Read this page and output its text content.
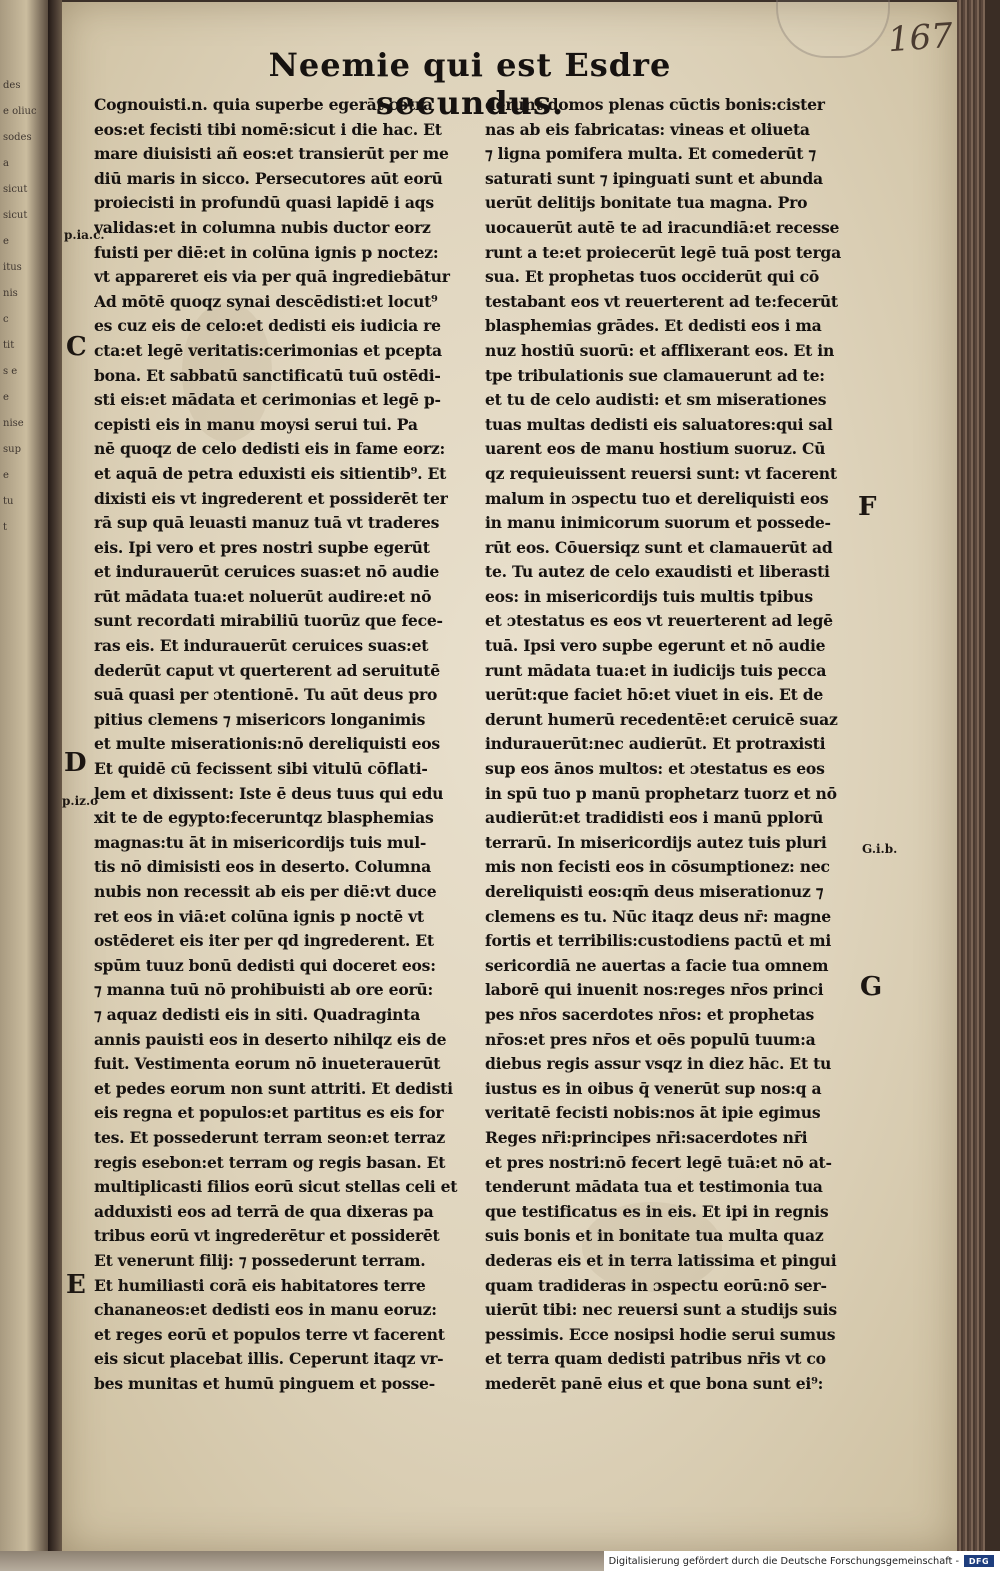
des
e oliuc
sodes
a
sicut
sicut
e
itus
nis
c
tit
s e
e
nise
sup
e
tu
t
167
Neemie qui est Esdre secundus.
Cognouisti.n. quia superbe egerāt cōtra
eos:et fecisti tibi nomē:sicut i die hac. Et
mare diuisisti añ eos:et transierūt per me
diū maris in sicco. Persecutores aūt eorū
proiecisti in profundū quasi lapidē i aqs
validas:et in columna nubis ductor eorz
fuisti per diē:et in colūna ignis p noctez:
vt appareret eis via per quā ingrediebātur
Ad mōtē quoqz synai descēdisti:et locut⁹
es cuz eis de celo:et dedisti eis iudicia re
cta:et legē veritatis:cerimonias et pcepta
bona. Et sabbatū sanctificatū tuū ostēdi-
sti eis:et mādata et cerimonias et legē p-
cepisti eis in manu moysi serui tui. Pa
nē quoqz de celo dedisti eis in fame eorz:
et aquā de petra eduxisti eis sitientib⁹. Et
dixisti eis vt ingrederent et possiderēt ter
rā sup quā leuasti manuz tuā vt traderes
eis. Ipi vero et pres nostri supbe egerūt
et indurauerūt ceruices suas:et nō audie
rūt mādata tua:et noluerūt audire:et nō
sunt recordati mirabiliū tuorūz que fece-
ras eis. Et indurauerūt ceruices suas:et
dederūt caput vt querterent ad seruitutē
suā quasi per ɔtentionē. Tu aūt deus pro
pitius clemens ⁊ misericors longanimis
et multe miserationis:nō dereliquisti eos
Et quidē cū fecissent sibi vitulū cōflati-
lem et dixissent: Iste ē deus tuus qui edu
xit te de egypto:feceruntqz blasphemias
magnas:tu āt in misericordijs tuis mul-
tis nō dimisisti eos in deserto. Columna
nubis non recessit ab eis per diē:vt duce
ret eos in viā:et colūna ignis p noctē vt
ostēderet eis iter per qd ingrederent. Et
spūm tuuz bonū dedisti qui doceret eos:
⁊ manna tuū nō prohibuisti ab ore eorū:
⁊ aquaz dedisti eis in siti. Quadraginta
annis pauisti eos in deserto nihilqz eis de
fuit. Vestimenta eorum nō inueterauerūt
et pedes eorum non sunt attriti. Et dedisti
eis regna et populos:et partitus es eis for
tes. Et possederunt terram seon:et terraz
regis esebon:et terram og regis basan. Et
multiplicasti filios eorū sicut stellas celi et
adduxisti eos ad terrā de qua dixeras pa
tribus eorū vt ingrederētur et possiderēt
Et venerunt filij: ⁊ possederunt terram.
Et humiliasti corā eis habitatores terre
chananeos:et dedisti eos in manu eoruz:
et reges eorū et populos terre vt facerent
eis sicut placebat illis. Ceperunt itaqz vr-
bes munitas et humū pinguem et posse-
derunt domos plenas cūctis bonis:cister
nas ab eis fabricatas: vineas et oliueta
⁊ ligna pomifera multa. Et comederūt ⁊
saturati sunt ⁊ ipinguati sunt et abunda
uerūt delitijs bonitate tua magna. Pro
uocauerūt autē te ad iracundiā:et recesse
runt a te:et proiecerūt legē tuā post terga
sua. Et prophetas tuos occiderūt qui cō
testabant eos vt reuerterent ad te:fecerūt
blasphemias grādes. Et dedisti eos i ma
nuz hostiū suorū: et afflixerant eos. Et in
tpe tribulationis sue clamauerunt ad te:
et tu de celo audisti: et sm miserationes
tuas multas dedisti eis saluatores:qui sal
uarent eos de manu hostium suoruz. Cū
qz requieuissent reuersi sunt: vt facerent
malum in ɔspectu tuo et dereliquisti eos
in manu inimicorum suorum et possede-
rūt eos. Cōuersiqz sunt et clamauerūt ad
te. Tu autez de celo exaudisti et liberasti
eos: in misericordijs tuis multis tpibus
et ɔtestatus es eos vt reuerterent ad legē
tuā. Ipsi vero supbe egerunt et nō audie
runt mādata tua:et in iudicijs tuis pecca
uerūt:que faciet hō:et viuet in eis. Et de
derunt humerū recedentē:et ceruicē suaz
indurauerūt:nec audierūt. Et protraxisti
sup eos ānos multos: et ɔtestatus es eos
in spū tuo p manū prophetarz tuorz et nō
audierūt:et tradidisti eos i manū pplorū
terrarū. In misericordijs autez tuis pluri
mis non fecisti eos in cōsumptionez: nec
dereliquisti eos:qm̄ deus miserationuz ⁊
clemens es tu. Nūc itaqz deus nr̄: magne
fortis et terribilis:custodiens pactū et mi
sericordiā ne auertas a facie tua omnem
laborē qui inuenit nos:reges nr̄os princi
pes nr̄os sacerdotes nr̄os: et prophetas
nr̄os:et pres nr̄os et oēs populū tuum:a
diebus regis assur vsqz in diez hāc. Et tu
iustus es in oibus q̄ venerūt sup nos:q a
veritatē fecisti nobis:nos āt ipie egimus
Reges nr̄i:principes nr̄i:sacerdotes nr̄i
et pres nostri:nō fecert legē tuā:et nō at-
tenderunt mādata tua et testimonia tua
que testificatus es in eis. Et ipi in regnis
suis bonis et in bonitate tua multa quaz
dederas eis et in terra latissima et pingui
quam tradideras in ɔspectu eorū:nō ser-
uierūt tibi: nec reuersi sunt a studijs suis
pessimis. Ecce nosipsi hodie serui sumus
et terra quam dedisti patribus nr̄is vt co
mederēt panē eius et que bona sunt ei⁹:
p.ia.c.
C
D
p.iz.o
E
F
G.i.b.
G
Digitalisierung gefördert durch die Deutsche Forschungsgemeinschaft -	DFG
